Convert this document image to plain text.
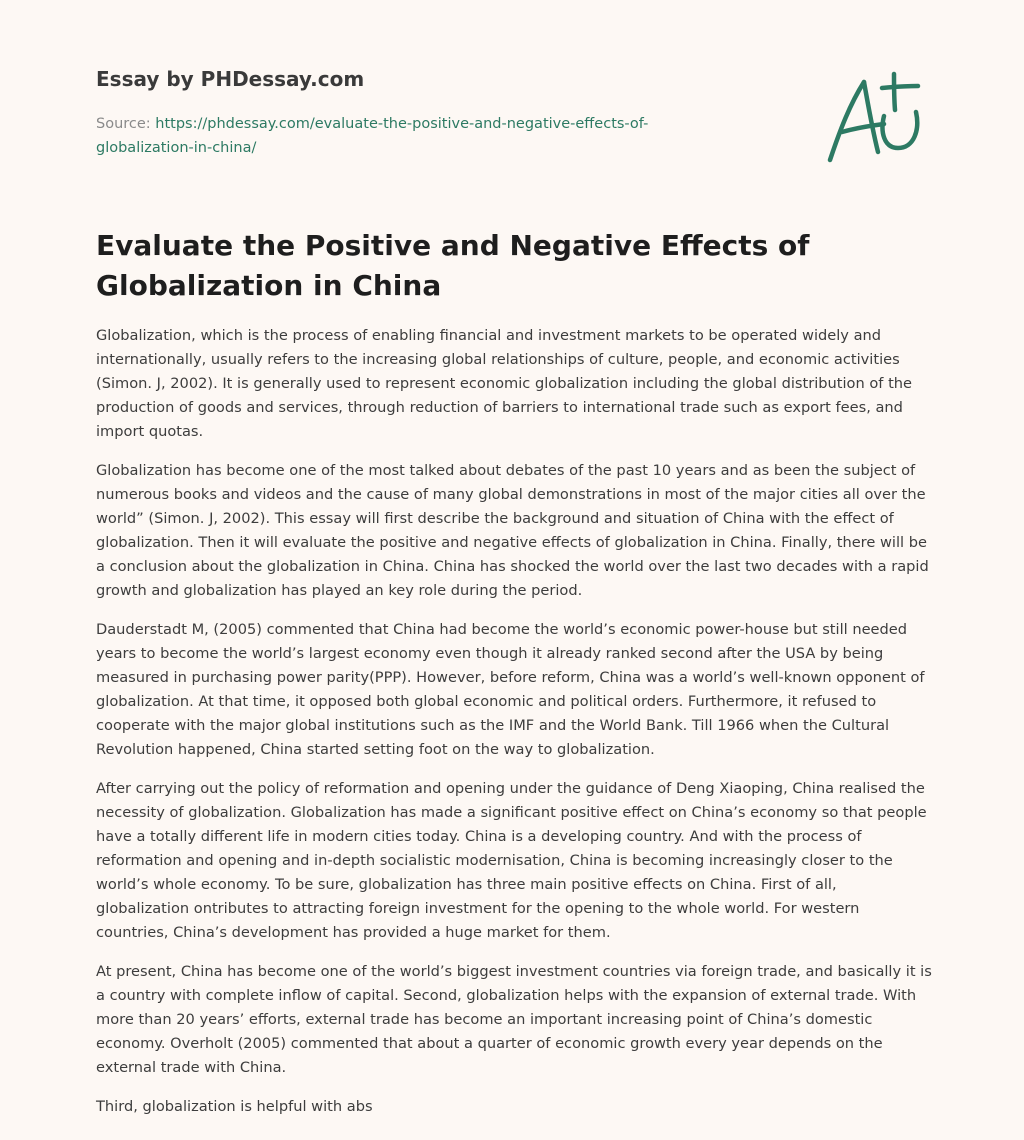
Essay by PHDessay.com
Source: https://phdessay.com/evaluate-the-positive-and-negative-effects-of-globalization-in-china/
Evaluate the Positive and Negative Effects of Globalization in China

Globalization, which is the process of enabling financial and investment markets to be operated widely and internationally, usually refers to the increasing global relationships of culture, people, and economic activities (Simon. J, 2002). It is generally used to represent economic globalization including the global distribution of the production of goods and services, through reduction of barriers to international trade such as export fees, and import quotas.

Globalization has become one of the most talked about debates of the past 10 years and as been the subject of numerous books and videos and the cause of many global demonstrations in most of the major cities all over the world” (Simon. J, 2002). This essay will first describe the background and situation of China with the effect of globalization. Then it will evaluate the positive and negative effects of globalization in China. Finally, there will be a conclusion about the globalization in China. China has shocked the world over the last two decades with a rapid growth and globalization has played an key role during the period.

Dauderstadt M, (2005) commented that China had become the world’s economic power-house but still needed years to become the world’s largest economy even though it already ranked second after the USA by being measured in purchasing power parity(PPP). However, before reform, China was a world’s well-known opponent of globalization. At that time, it opposed both global economic and political orders. Furthermore, it refused to cooperate with the major global institutions such as the IMF and the World Bank. Till 1966 when the Cultural Revolution happened, China started setting foot on the way to globalization.

After carrying out the policy of reformation and opening under the guidance of Deng Xiaoping, China realised the necessity of globalization. Globalization has made a significant positive effect on China’s economy so that people have a totally different life in modern cities today. China is a developing country. And with the process of reformation and opening and in-depth socialistic modernisation, China is becoming increasingly closer to the world’s whole economy. To be sure, globalization has three main positive effects on China. First of all, globalization ontributes to attracting foreign investment for the opening to the whole world. For western countries, China’s development has provided a huge market for them.

At present, China has become one of the world’s biggest investment countries via foreign trade, and basically it is a country with complete inflow of capital. Second, globalization helps with the expansion of external trade. With more than 20 years’ efforts, external trade has become an important increasing point of China’s domestic economy. Overholt (2005) commented that about a quarter of economic growth every year depends on the external trade with China.

Third, globalization is helpful with abs
